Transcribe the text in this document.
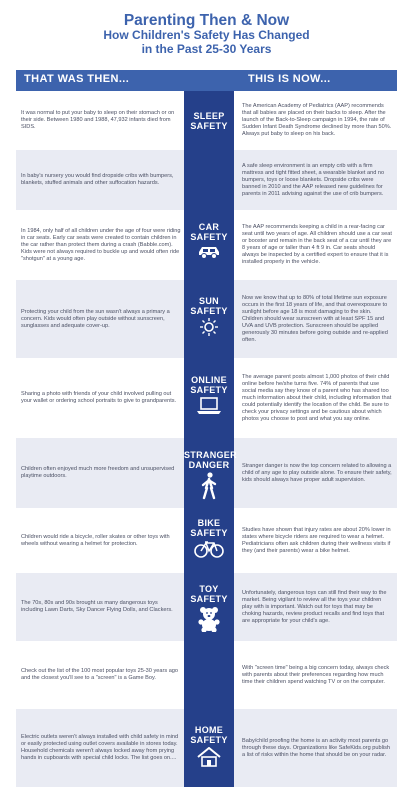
Parenting Then & Now
How Children's Safety Has Changed
in the Past 25-30 Years
THAT WAS THEN...	THIS IS NOW...
It was normal to put your baby to sleep on their stomach or on their side. Between 1980 and 1988, 47,932 infants died from SIDS.
The American Academy of Pediatrics (AAP) recommends that all babies are placed on their backs to sleep. After the launch of the Back-to-Sleep campaign in 1994, the rate of Sudden Infant Death Syndrome declined by more than 50%. Always put baby to sleep on his back.
In baby's nursery you would find dropside cribs with bumpers, blankets, stuffed animals and other suffocation hazards.
A safe sleep environment is an empty crib with a firm mattress and tight fitted sheet, a wearable blanket and no bumpers, toys or loose blankets. Dropside cribs were banned in 2010 and the AAP released new guidelines for parents in 2011 advising against the use of crib bumpers.
In 1984, only half of all children under the age of four were riding in car seats. Early car seats were created to contain children in the car rather than protect them during a crash (Babble.com). Kids were not always required to buckle up and would often ride "shotgun" at a young age.
The AAP recommends keeping a child in a rear-facing car seat until two years of age. All children should use a car seat or booster and remain in the back seat of a car until they are 8 years of age or taller than 4 ft 9 in. Car seats should always be inspected by a certified expert to ensure that it is installed properly in the vehicle.
Protecting your child from the sun wasn't always a primary a concern. Kids would often play outside without sunscreen, sunglasses and adequate cover-up.
Now we know that up to 80% of total lifetime sun exposure occurs in the first 18 years of life, and that overexposure to sunlight before age 18 is most damaging to the skin. Children should wear sunscreen with at least SPF 15 and UVA and UVB protection. Sunscreen should be applied generously 30 minutes before going outside and re-applied often.
Sharing a photo with friends of your child involved pulling out your wallet or ordering school portraits to give to grandparents.
The average parent posts almost 1,000 photos of their child online before he/she turns five. 74% of parents that use social media say they know of a parent who has shared too much information about their child, including information that could potentially identify the location of the child. Be sure to check your privacy settings and be cautious about which photos you choose to post and what you say online.
Children often enjoyed much more freedom and unsupervised playtime outdoors.
Stranger danger is now the top concern related to allowing a child of any age to play outside alone. To ensure their safety, kids should always have proper adult supervision.
Children would ride a bicycle, roller skates or other toys with wheels without wearing a helmet for protection.
Studies have shown that injury rates are about 20% lower in states where bicycle riders are required to wear a helmet. Pediatricians often ask children during their wellness visits if they (and their parents) wear a bike helmet.
The 70s, 80s and 90s brought us many dangerous toys including Lawn Darts, Sky Dancer Flying Dolls, and Clackers.
Unfortunately, dangerous toys can still find their way to the market. Being vigilant to review all the toys your children play with is important. Watch out for toys that may be choking hazards, review product recalls and find toys that are appropriate for your child's age.
Check out the list of the 100 most popular toys 25-30 years ago and the closest you'll see to a "screen" is a Game Boy.
With "screen time" being a big concern today, always check with parents about their preferences regarding how much time their children spend watching TV or on the computer.
Electric outlets weren't always installed with child safety in mind or easily protected using outlet covers available in stores today. Household chemicals weren't always locked away from prying hands in cupboards with special child locks. The list goes on....
Baby/child proofing the home is an activity most parents go through these days. Organizations like SafeKids.org publish a list of risks within the home that should be on your radar.
SLEEP
SAFETY
CAR
SAFETY
SUN
SAFETY
ONLINE
SAFETY
STRANGER
DANGER
BIKE
SAFETY
TOY
SAFETY
HOME
SAFETY
